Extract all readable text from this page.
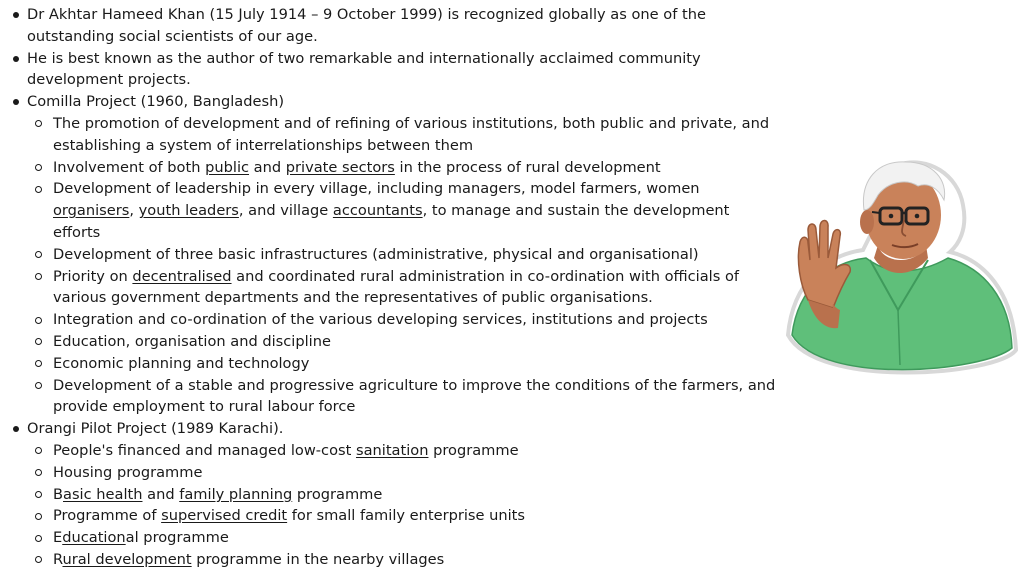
Dr Akhtar Hameed Khan (15 July 1914 – 9 October 1999) is recognized globally as one of the outstanding social scientists of our age.
He is best known as the author of two remarkable and internationally acclaimed community development projects.
Comilla Project (1960, Bangladesh)
The promotion of development and of refining of various institutions, both public and private, and establishing a system of interrelationships between them
Involvement of both public and private sectors in the process of rural development
Development of leadership in every village, including managers, model farmers, women organisers, youth leaders, and village accountants, to manage and sustain the development efforts
Development of three basic infrastructures (administrative, physical and organisational)
Priority on decentralised and coordinated rural administration in co-ordination with officials of various government departments and the representatives of public organisations.
Integration and co-ordination of the various developing services, institutions and projects
Education, organisation and discipline
Economic planning and technology
Development of a stable and progressive agriculture to improve the conditions of the farmers, and provide employment to rural labour force
Orangi Pilot Project (1989 Karachi).
People's financed and managed low-cost sanitation programme
Housing programme
Basic health and family planning programme
Programme of supervised credit for small family enterprise units
Educational programme
Rural development programme in the nearby villages
